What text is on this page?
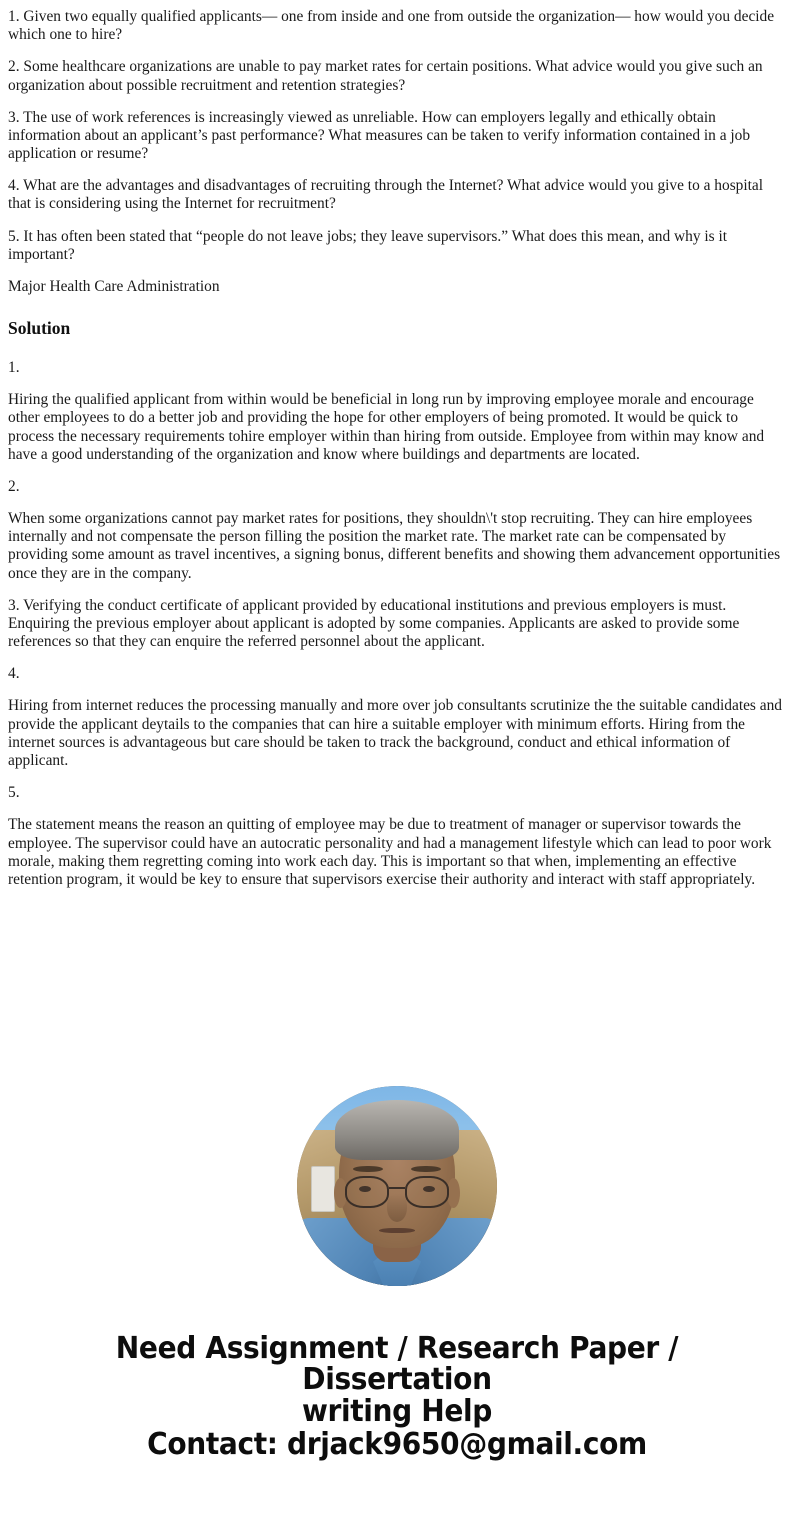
1. Given two equally qualified applicants— one from inside and one from outside the organization— how would you decide which one to hire?

2. Some healthcare organizations are unable to pay market rates for certain positions. What advice would you give such an organization about possible recruitment and retention strategies?

3. The use of work references is increasingly viewed as unreliable. How can employers legally and ethically obtain information about an applicant’s past performance? What measures can be taken to verify information contained in a job application or resume?

4. What are the advantages and disadvantages of recruiting through the Internet? What advice would you give to a hospital that is considering using the Internet for recruitment?

5. It has often been stated that “people do not leave jobs; they leave supervisors.” What does this mean, and why is it important?

Major Health Care Administration

Solution

1.

Hiring the qualified applicant from within would be beneficial in long run by improving employee morale and encourage other employees to do a better job and providing the hope for other employers of being promoted. It would be quick to process the necessary requirements tohire employer within than hiring from outside. Employee from within may know and have a good understanding of the organization and know where buildings and departments are located.

2.

When some organizations cannot pay market rates for positions, they shouldn\'t stop recruiting. They can hire employees internally and not compensate the person filling the position the market rate. The market rate can be compensated by providing some amount as travel incentives, a signing bonus, different benefits and showing them advancement opportunities once they are in the company.

3. Verifying the conduct certificate of applicant provided by educational institutions and previous employers is must. Enquiring the previous employer about applicant is adopted by some companies. Applicants are asked to provide some references so that they can enquire the referred personnel about the applicant.

4.

Hiring from internet reduces the processing manually and more over job consultants scrutinize the the suitable candidates and provide the applicant deytails to the companies that can hire a suitable employer with minimum efforts. Hiring from the internet sources is advantageous but care should be taken to track the background, conduct and ethical information of applicant.

5.

The statement means the reason an quitting of employee may be due to treatment of manager or supervisor towards the employee. The supervisor could have an autocratic personality and had a management lifestyle which can lead to poor work morale, making them regretting coming into work each day. This is important so that when, implementing an effective retention program, it would be key to ensure that supervisors exercise their authority and interact with staff appropriately.

Need Assignment / Research Paper / Dissertation
writing Help
Contact: drjack9650@gmail.com
